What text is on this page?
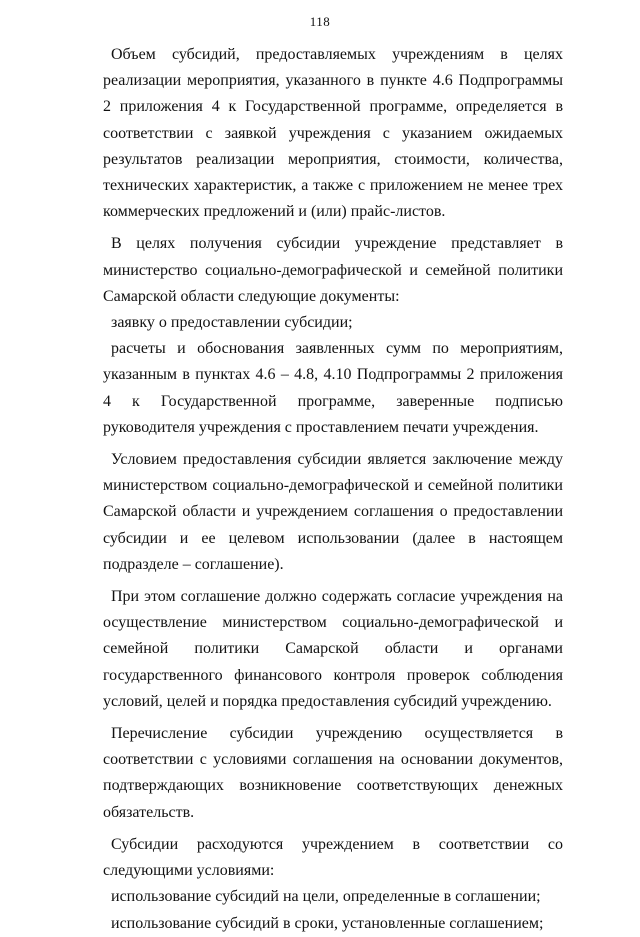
118

Объем субсидий, предоставляемых учреждениям в целях реализации мероприятия, указанного в пункте 4.6 Подпрограммы 2 приложения 4 к Государственной программе, определяется в соответствии с заявкой учреждения с указанием ожидаемых результатов реализации мероприятия, стоимости, количества, технических характеристик, а также с приложением не менее трех коммерческих предложений и (или) прайс-листов.

В целях получения субсидии учреждение представляет в министерство социально-демографической и семейной политики Самарской области следующие документы:

заявку о предоставлении субсидии;

расчеты и обоснования заявленных сумм по мероприятиям, указанным в пунктах 4.6 – 4.8, 4.10 Подпрограммы 2 приложения 4 к Государственной программе, заверенные подписью руководителя учреждения с проставлением печати учреждения.

Условием предоставления субсидии является заключение между министерством социально-демографической и семейной политики Самарской области и учреждением соглашения о предоставлении субсидии и ее целевом использовании (далее в настоящем подразделе – соглашение).

При этом соглашение должно содержать согласие учреждения на осуществление министерством социально-демографической и семейной политики Самарской области и органами государственного финансового контроля проверок соблюдения условий, целей и порядка предоставления субсидий учреждению.

Перечисление субсидии учреждению осуществляется в соответствии с условиями соглашения на основании документов, подтверждающих возникновение соответствующих денежных обязательств.

Субсидии расходуются учреждением в соответствии со следующими условиями:

использование субсидий на цели, определенные в соглашении;

использование субсидий в сроки, установленные соглашением;
